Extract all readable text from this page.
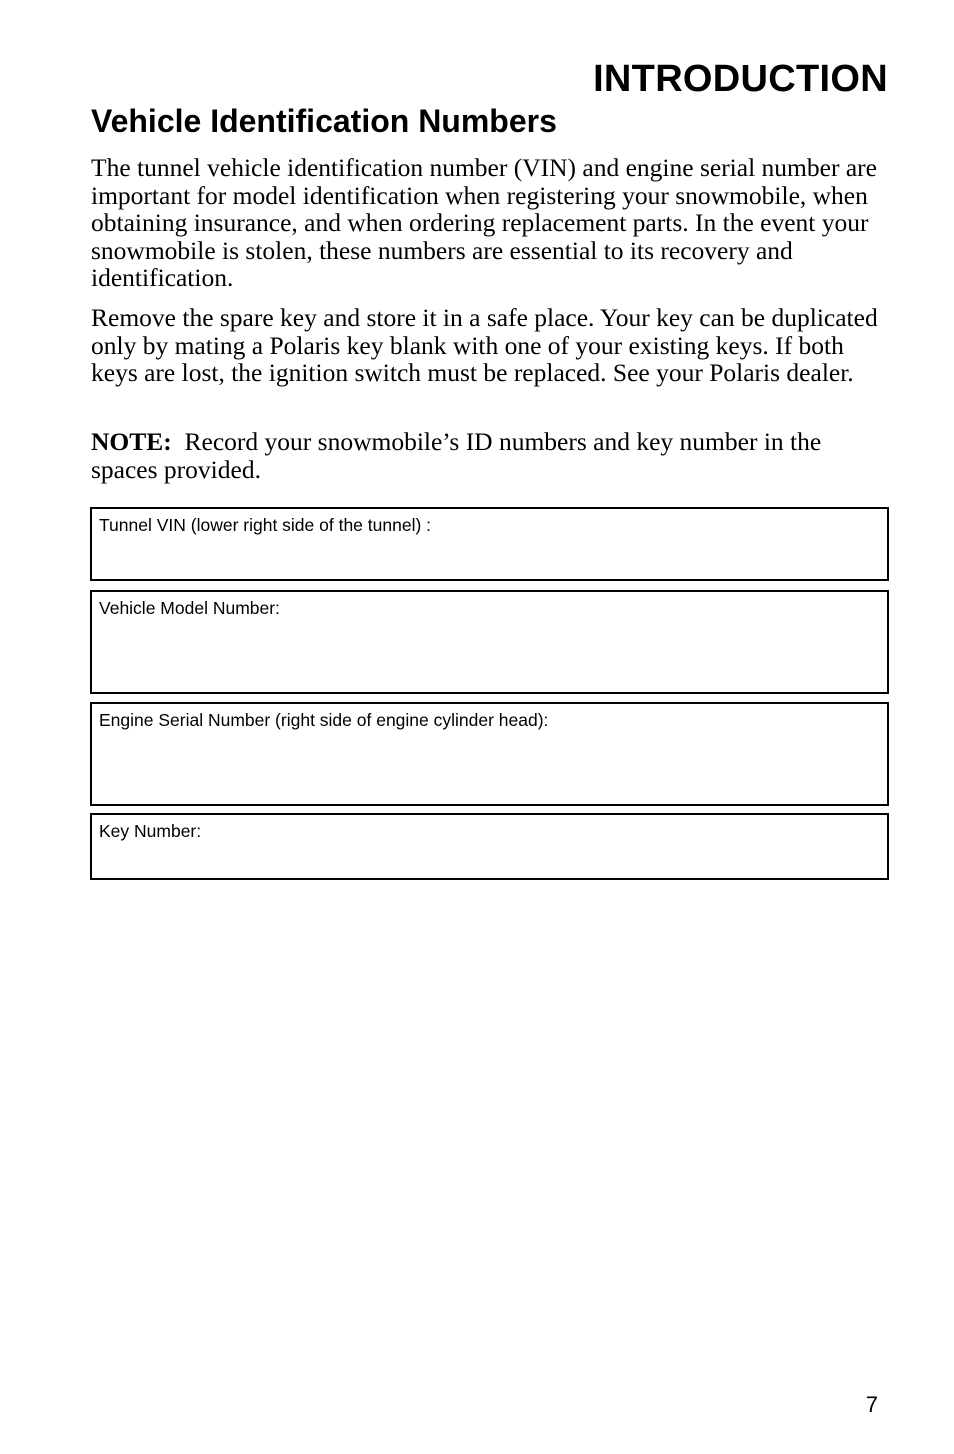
INTRODUCTION
Vehicle Identification Numbers

The tunnel vehicle identification number (VIN) and engine serial number are important for model identification when registering your snowmobile, when obtaining insurance, and when ordering replacement parts. In the event your snowmobile is stolen, these numbers are essential to its recovery and identification.

Remove the spare key and store it in a safe place. Your key can be duplicated only by mating a Polaris key blank with one of your existing keys. If both keys are lost, the ignition switch must be replaced. See your Polaris dealer.

NOTE: Record your snowmobile’s ID numbers and key number in the spaces provided.

Tunnel VIN (lower right side of the tunnel) :
Vehicle Model Number:
Engine Serial Number (right side of engine cylinder head):
Key Number:
7
